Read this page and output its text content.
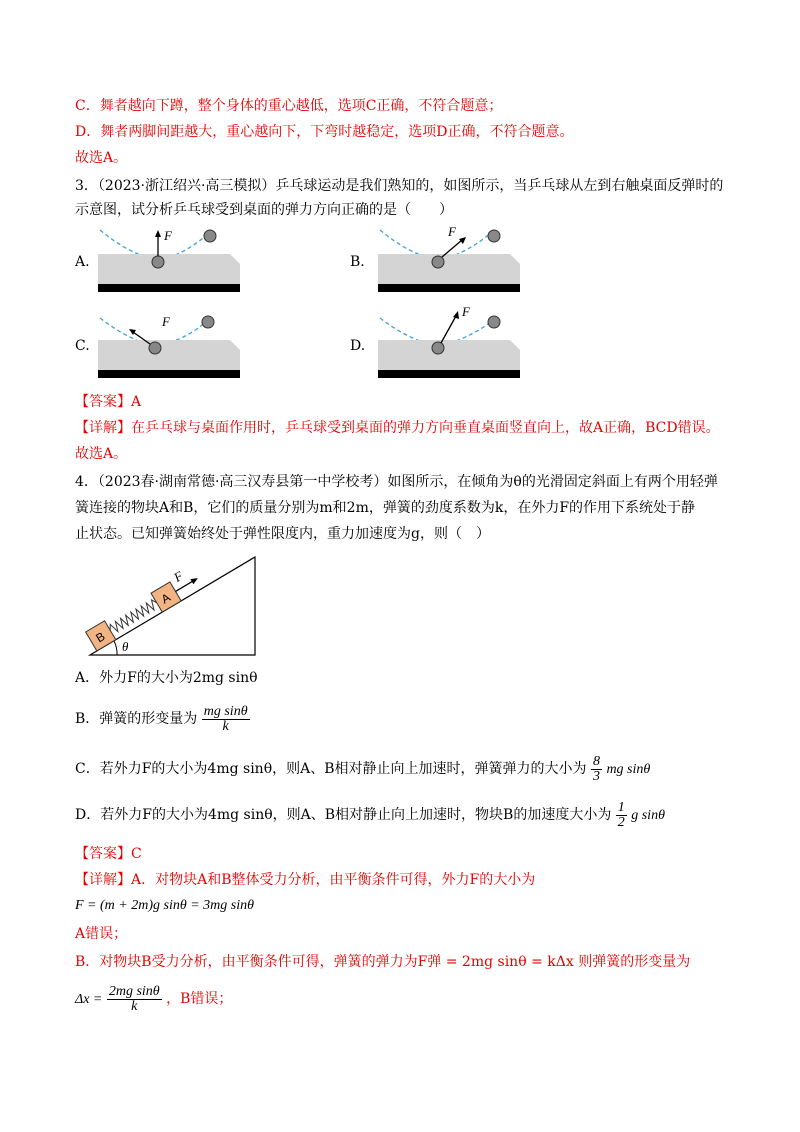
C．舞者越向下蹲，整个身体的重心越低，选项C正确，不符合题意；
D．舞者两脚间距越大，重心越向下，下弯时越稳定，选项D正确，不符合题意。
故选A。
3．（2023·浙江绍兴·高三模拟）乒乓球运动是我们熟知的，如图所示，当乒乓球从左到右触桌面反弹时的
示意图，试分析乒乓球受到桌面的弹力方向正确的是（　　）
A.
F
B.
F
C.
F
D.
F
【答案】A
【详解】在乒乓球与桌面作用时，乒乓球受到桌面的弹力方向垂直桌面竖直向上，故A正确，BCD错误。
故选A。
4．（2023春·湖南常德·高三汉寿县第一中学校考）如图所示，在倾角为θ的光滑固定斜面上有两个用轻弹
簧连接的物块A和B，它们的质量分别为m和2m，弹簧的劲度系数为k，在外力F的作用下系统处于静
止状态。已知弹簧始终处于弹性限度内，重力加速度为g，则（　）
θ
B
A
F
A．外力F的大小为2mg sinθ
B．弹簧的形变量为 $\frac{\text{mg sinθ}}{k}$
C．若外力F的大小为4mg sinθ，则A、B相对静止向上加速时，弹簧弹力的大小为 $\frac{8}{3}$ mg sinθ
D．若外力F的大小为4mg sinθ，则A、B相对静止向上加速时，物块B的加速度大小为 $\frac{1}{2}$ g sinθ
【答案】C
【详解】A．对物块A和B整体受力分析，由平衡条件可得，外力F的大小为
F = (m + 2m)g sinθ = 3mg sinθ
A错误；
B．对物块B受力分析，由平衡条件可得，弹簧的弹力为F弹 = 2mg sinθ = kΔx 则弹簧的形变量为
$\Delta x = \frac{\text{2mg sinθ}}{k}$ ，B错误；
